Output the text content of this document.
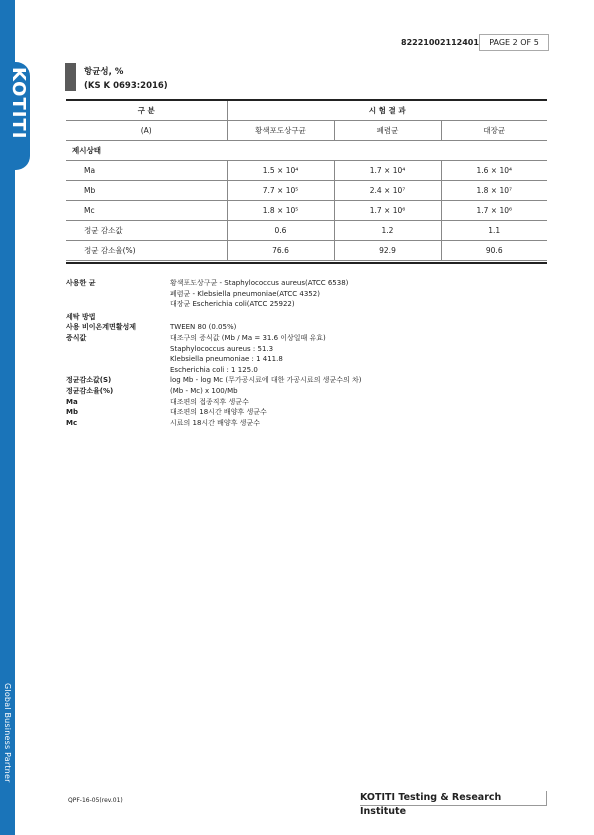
KOTITI
Global Business Partner
82221002112401	PAGE 2 OF 5
항균성, %
(KS K 0693:2016)
구 분	시 험 결 과		
(A)	황색포도상구균	폐렴균	대장균
제시상태			
Ma	1.5 × 10⁴	1.7 × 10⁴	1.6 × 10⁴
Mb	7.7 × 10⁵	2.4 × 10⁷	1.8 × 10⁷
Mc	1.8 × 10⁵	1.7 × 10⁶	1.7 × 10⁶
정균 감소값	0.6	1.2	1.1
정균 감소율(%)	76.6	92.9	90.6
사용한 균	황색포도상구균 - Staphylococcus aureus(ATCC 6538)
폐렴균 - Klebsiella pneumoniae(ATCC 4352)
대장균 Escherichia coli(ATCC 25922)
세탁 방법
사용 비이온계면활성제	TWEEN 80 (0.05%)
증식값	대조구의 증식값 (Mb / Ma = 31.6 이상일때 유효)
Staphylococcus aureus : 51.3
Klebsiella pneumoniae : 1 411.8
Escherichia coli : 1 125.0
정균감소값(S)	log Mb - log Mc (무가공시료에 대한 가공시료의 생균수의 차)
정균감소율(%)	(Mb - Mc) x 100/Mb
Ma	대조편의 접종직후 생균수
Mb	대조편의 18시간 배양후 생균수
Mc	시료의 18시간 배양후 생균수
QPF-16-05(rev.01)	KOTITI Testing & Research Institute
